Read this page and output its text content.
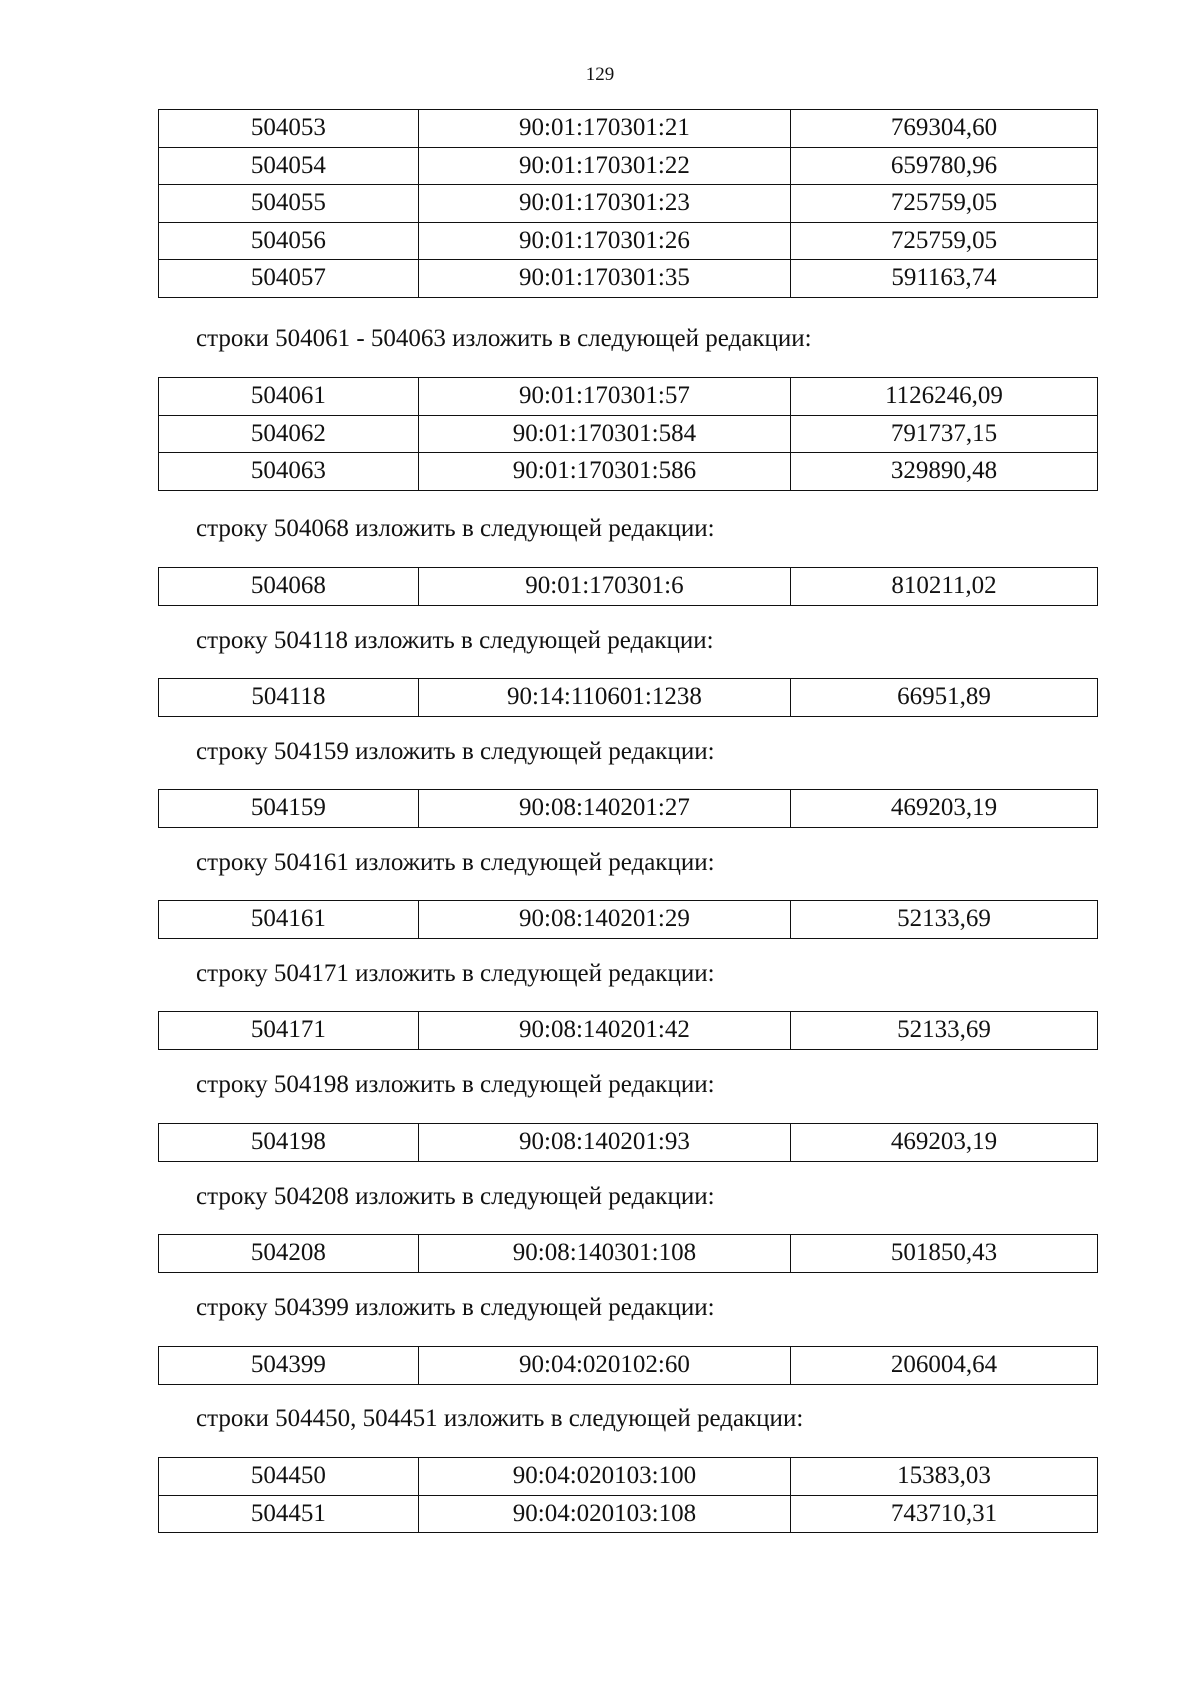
129
504053	90:01:170301:21	769304,60
504054	90:01:170301:22	659780,96
504055	90:01:170301:23	725759,05
504056	90:01:170301:26	725759,05
504057	90:01:170301:35	591163,74
строки 504061 - 504063 изложить в следующей редакции:
504061	90:01:170301:57	1126246,09
504062	90:01:170301:584	791737,15
504063	90:01:170301:586	329890,48
строку 504068 изложить в следующей редакции:
504068	90:01:170301:6	810211,02
строку 504118 изложить в следующей редакции:
504118	90:14:110601:1238	66951,89
строку 504159 изложить в следующей редакции:
504159	90:08:140201:27	469203,19
строку 504161 изложить в следующей редакции:
504161	90:08:140201:29	52133,69
строку 504171 изложить в следующей редакции:
504171	90:08:140201:42	52133,69
строку 504198 изложить в следующей редакции:
504198	90:08:140201:93	469203,19
строку 504208 изложить в следующей редакции:
504208	90:08:140301:108	501850,43
строку 504399 изложить в следующей редакции:
504399	90:04:020102:60	206004,64
строки 504450, 504451 изложить в следующей редакции:
504450	90:04:020103:100	15383,03
504451	90:04:020103:108	743710,31
